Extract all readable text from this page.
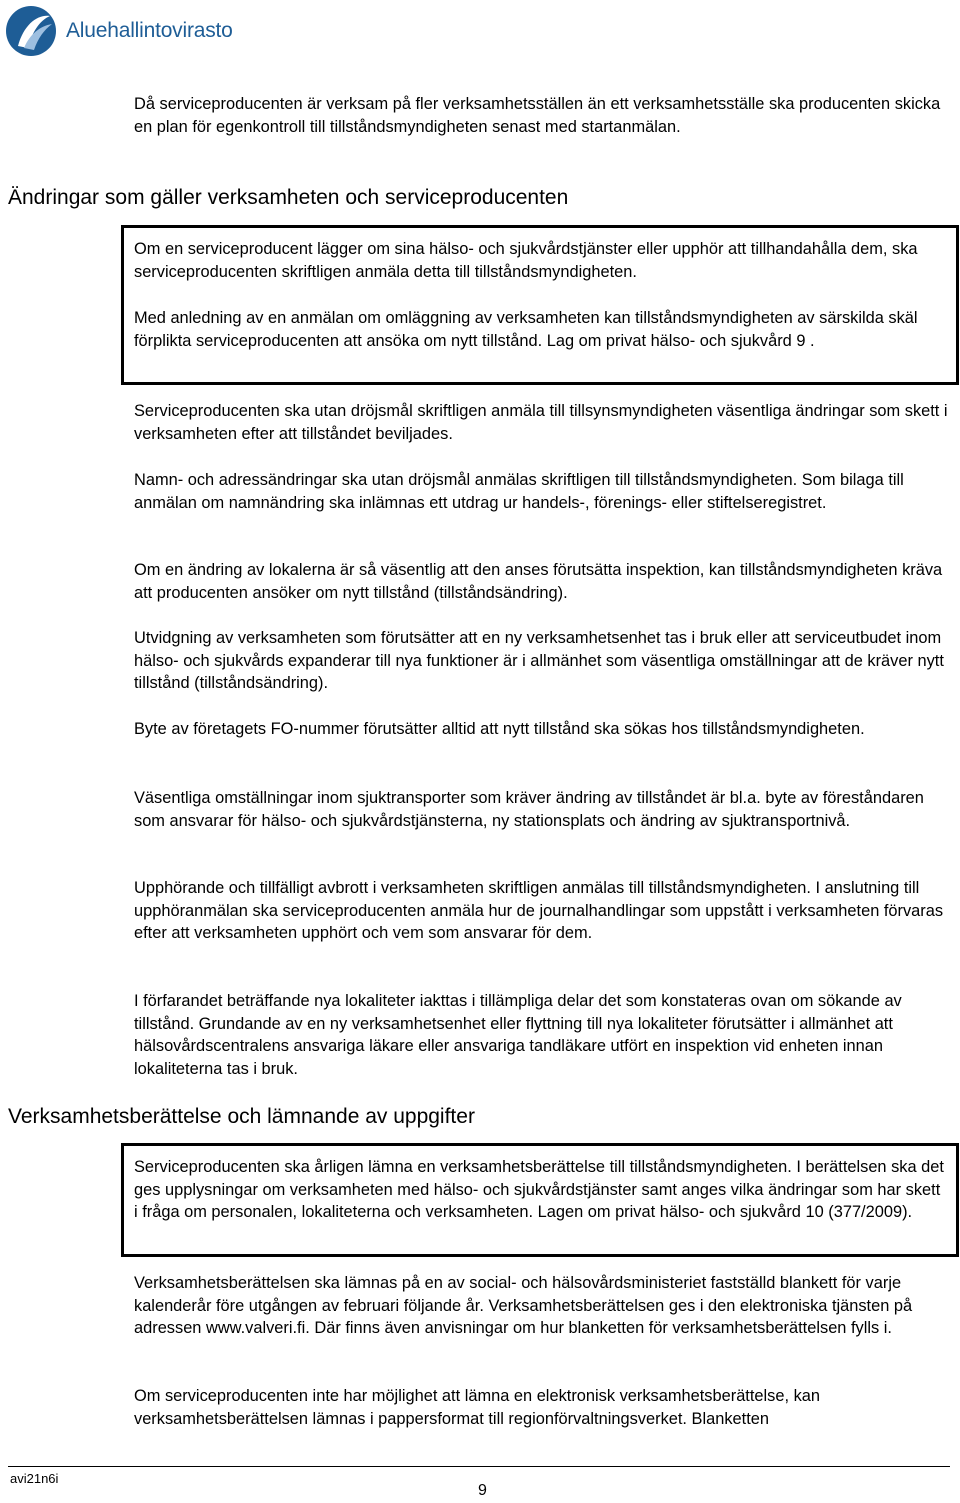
Aluehallintovirasto

Då serviceproducenten är verksam på fler verksamhetsställen än ett verksamhetsställe ska producenten skicka en plan för egenkontroll till tillståndsmyndigheten senast med startanmälan.

Ändringar som gäller verksamheten och serviceproducenten

Om en serviceproducent lägger om sina hälso- och sjukvårdstjänster eller upphör att tillhandahålla dem, ska serviceproducenten skriftligen anmäla detta till tillståndsmyndigheten.

Med anledning av en anmälan om omläggning av verksamheten kan tillståndsmyndigheten av särskilda skäl förplikta serviceproducenten att ansöka om nytt tillstånd. Lag om privat hälso- och sjukvård 9 .

Serviceproducenten ska utan dröjsmål skriftligen anmäla till tillsynsmyndigheten väsentliga ändringar som skett i verksamheten efter att tillståndet beviljades.

Namn- och adressändringar ska utan dröjsmål anmälas skriftligen till tillståndsmyndigheten. Som bilaga till anmälan om namnändring ska inlämnas ett utdrag ur handels-, förenings- eller stiftelseregistret.

Om en ändring av lokalerna är så väsentlig att den anses förutsätta inspektion, kan tillståndsmyndigheten kräva att producenten ansöker om nytt tillstånd (tillståndsändring).

Utvidgning av verksamheten som förutsätter att en ny verksamhetsenhet tas i bruk eller att serviceutbudet inom hälso- och sjukvårds expanderar till nya funktioner är i allmänhet som väsentliga omställningar att de kräver nytt tillstånd (tillståndsändring).

Byte av företagets FO-nummer förutsätter alltid att nytt tillstånd ska sökas hos tillståndsmyndigheten.

Väsentliga omställningar inom sjuktransporter som kräver ändring av tillståndet är bl.a. byte av föreståndaren som ansvarar för hälso- och sjukvårdstjänsterna, ny stationsplats och ändring av sjuktransportnivå.

Upphörande och tillfälligt avbrott i verksamheten skriftligen anmälas till tillståndsmyndigheten. I anslutning till upphöranmälan ska serviceproducenten anmäla hur de journalhandlingar som uppstått i verksamheten förvaras efter att verksamheten upphört och vem som ansvarar för dem.

I förfarandet beträffande nya lokaliteter iakttas i tillämpliga delar det som konstateras ovan om sökande av tillstånd. Grundande av en ny verksamhetsenhet eller flyttning till nya lokaliteter förutsätter i allmänhet att hälsovårdscentralens ansvariga läkare eller ansvariga tandläkare utfört en inspektion vid enheten innan lokaliteterna tas i bruk.

Verksamhetsberättelse och lämnande av uppgifter

Serviceproducenten ska årligen lämna en verksamhetsberättelse till tillståndsmyndigheten. I berättelsen ska det ges upplysningar om verksamheten med hälso- och sjukvårdstjänster samt anges vilka ändringar som har skett i fråga om personalen, lokaliteterna och verksamheten. Lagen om privat hälso- och sjukvård 10 (377/2009).

Verksamhetsberättelsen ska lämnas på en av social- och hälsovårdsministeriet fastställd blankett för varje kalenderår före utgången av februari följande år. Verksamhetsberättelsen ges i den elektroniska tjänsten på adressen www.valveri.fi. Där finns även anvisningar om hur blanketten för verksamhetsberättelsen fylls i.

Om serviceproducenten inte har möjlighet att lämna en elektronisk verksamhetsberättelse, kan verksamhetsberättelsen lämnas i pappersformat till regionförvaltningsverket. Blanketten

avi21n6i
9
